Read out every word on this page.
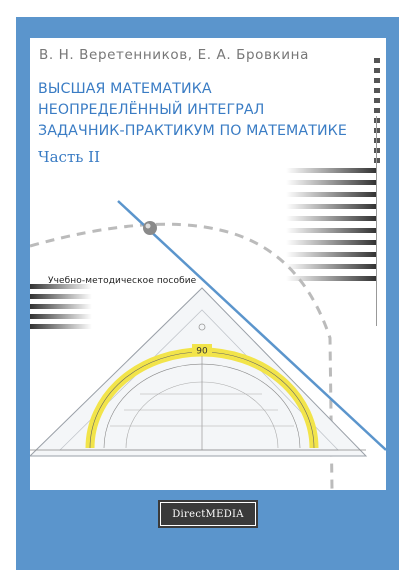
В. Н. Веретенников, Е. А. Бровкина
ВЫСШАЯ МАТЕМАТИКА
НЕОПРЕДЕЛЁННЫЙ ИНТЕГРАЛ
ЗАДАЧНИК-ПРАКТИКУМ ПО МАТЕМАТИКЕ
Часть II
Учебно-методическое пособие
90
DirectMEDIA
